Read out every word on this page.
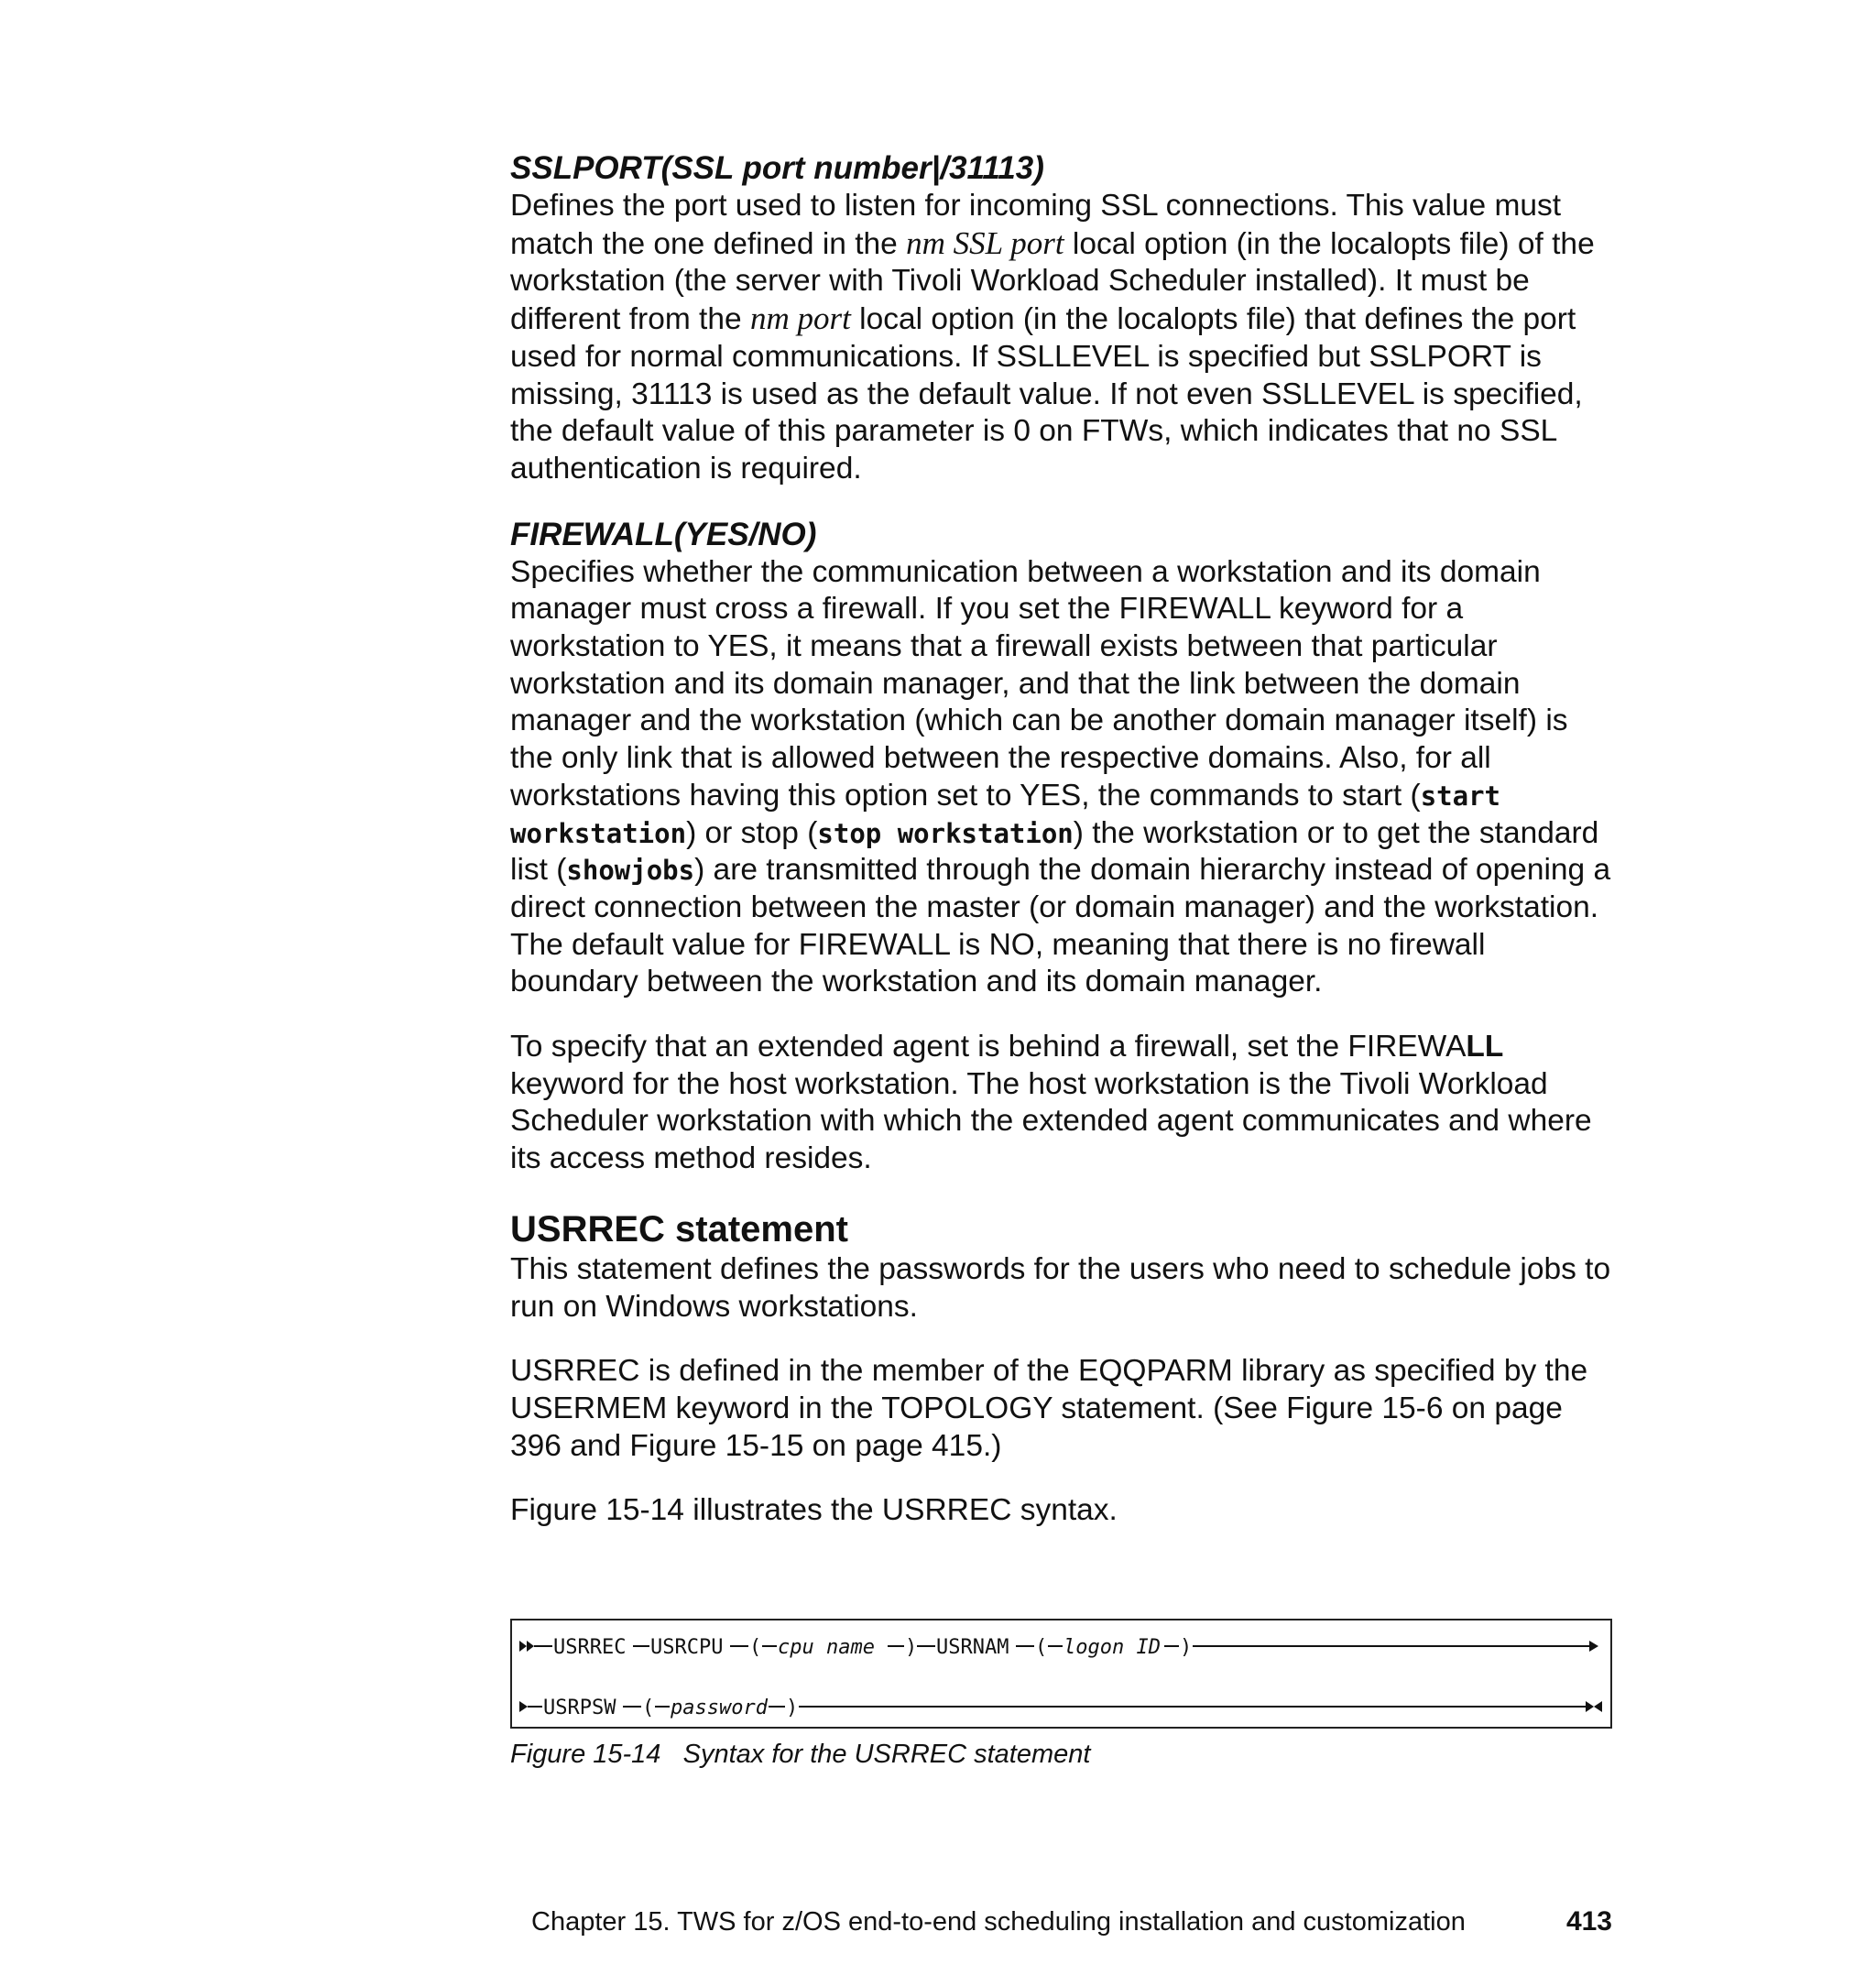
SSLPORT(SSL port number|/31113)

Defines the port used to listen for incoming SSL connections. This value must match the one defined in the nm SSL port local option (in the localopts file) of the workstation (the server with Tivoli Workload Scheduler installed). It must be different from the nm port local option (in the localopts file) that defines the port used for normal communications. If SSLLEVEL is specified but SSLPORT is missing, 31113 is used as the default value. If not even SSLLEVEL is specified, the default value of this parameter is 0 on FTWs, which indicates that no SSL authentication is required.

FIREWALL(YES/NO)

Specifies whether the communication between a workstation and its domain manager must cross a firewall. If you set the FIREWALL keyword for a workstation to YES, it means that a firewall exists between that particular workstation and its domain manager, and that the link between the domain manager and the workstation (which can be another domain manager itself) is the only link that is allowed between the respective domains. Also, for all workstations having this option set to YES, the commands to start (start workstation) or stop (stop workstation) the workstation or to get the standard list (showjobs) are transmitted through the domain hierarchy instead of opening a direct connection between the master (or domain manager) and the workstation. The default value for FIREWALL is NO, meaning that there is no firewall boundary between the workstation and its domain manager.

To specify that an extended agent is behind a firewall, set the FIREWALL keyword for the host workstation. The host workstation is the Tivoli Workload Scheduler workstation with which the extended agent communicates and where its access method resides.

USRREC statement

This statement defines the passwords for the users who need to schedule jobs to run on Windows workstations.

USRREC is defined in the member of the EQQPARM library as specified by the USERMEM keyword in the TOPOLOGY statement. (See Figure 15-6 on page 396 and Figure 15-15 on page 415.)

Figure 15-14 illustrates the USRREC syntax.

USRREC USRCPU ( cpu name ) USRNAM ( logon ID )
USRPSW ( password )

Figure 15-14   Syntax for the USRREC statement

Chapter 15. TWS for z/OS end-to-end scheduling installation and customization	413
